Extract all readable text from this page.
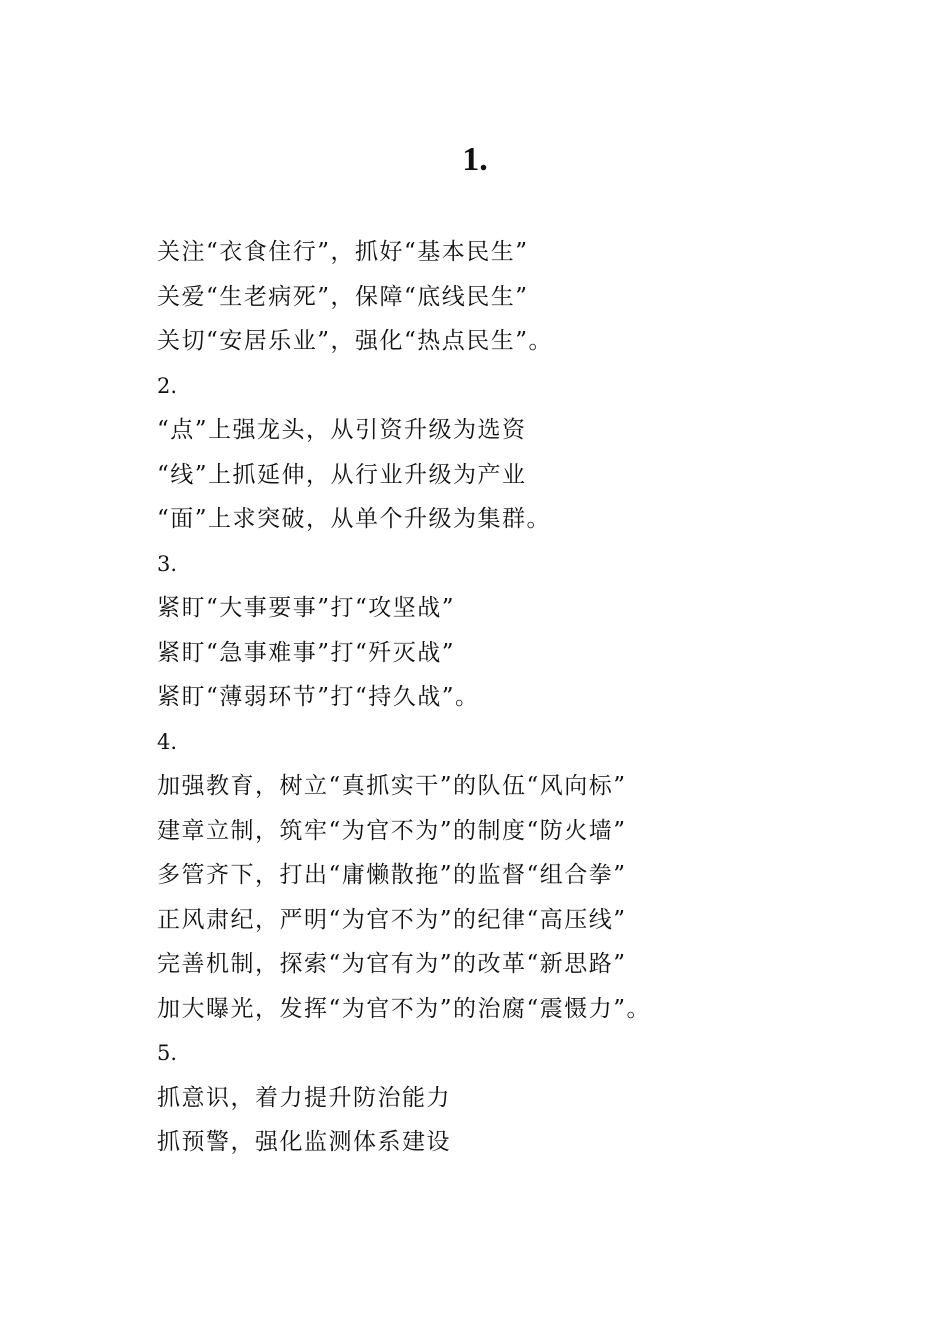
1.
关注“衣食住行”，抓好“基本民生”
关爱“生老病死”，保障“底线民生”
关切“安居乐业”，强化“热点民生”。
2.
“点”上强龙头，从引资升级为选资
“线”上抓延伸，从行业升级为产业
“面”上求突破，从单个升级为集群。
3.
紧盯“大事要事”打“攻坚战”
紧盯“急事难事”打“歼灭战”
紧盯“薄弱环节”打“持久战”。
4.
加强教育，树立“真抓实干”的队伍“风向标”
建章立制，筑牢“为官不为”的制度“防火墙”
多管齐下，打出“庸懒散拖”的监督“组合拳”
正风肃纪，严明“为官不为”的纪律“高压线”
完善机制，探索“为官有为”的改革“新思路”
加大曝光，发挥“为官不为”的治腐“震慑力”。
5.
抓意识，着力提升防治能力
抓预警，强化监测体系建设
